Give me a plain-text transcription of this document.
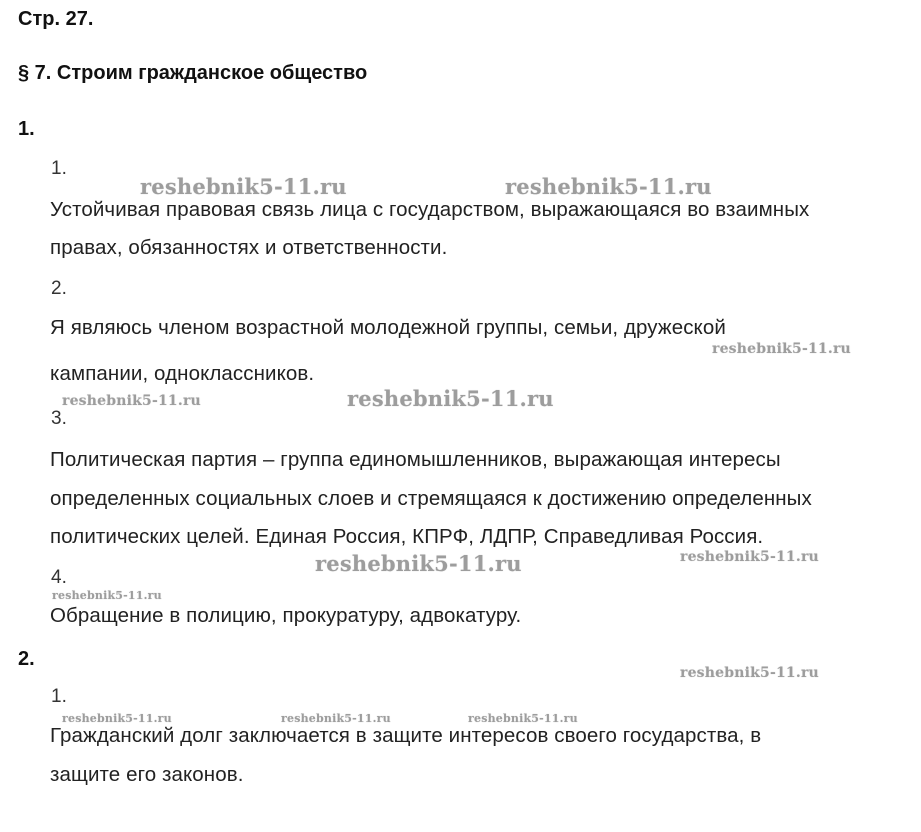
Стр. 27.
§ 7. Строим гражданское общество
1.
1.
Устойчивая правовая связь лица с государством, выражающаяся во взаимных
правах, обязанностях и ответственности.
2.
Я являюсь членом возрастной молодежной группы, семьи, дружеской
кампании, одноклассников.
3.
Политическая партия – группа единомышленников, выражающая интересы
определенных социальных слоев и стремящаяся к достижению определенных
политических целей. Единая Россия, КПРФ, ЛДПР, Справедливая Россия.
4.
Обращение в полицию, прокуратуру, адвокатуру.
2.
1.
Гражданский долг заключается в защите интересов своего государства, в
защите его законов.
reshebnik5-11.ru	reshebnik5-11.ru
reshebnik5-11.ru
reshebnik5-11.ru	reshebnik5-11.ru
reshebnik5-11.ru	reshebnik5-11.ru
reshebnik5-11.ru
reshebnik5-11.ru
reshebnik5-11.ru	reshebnik5-11.ru	reshebnik5-11.ru
